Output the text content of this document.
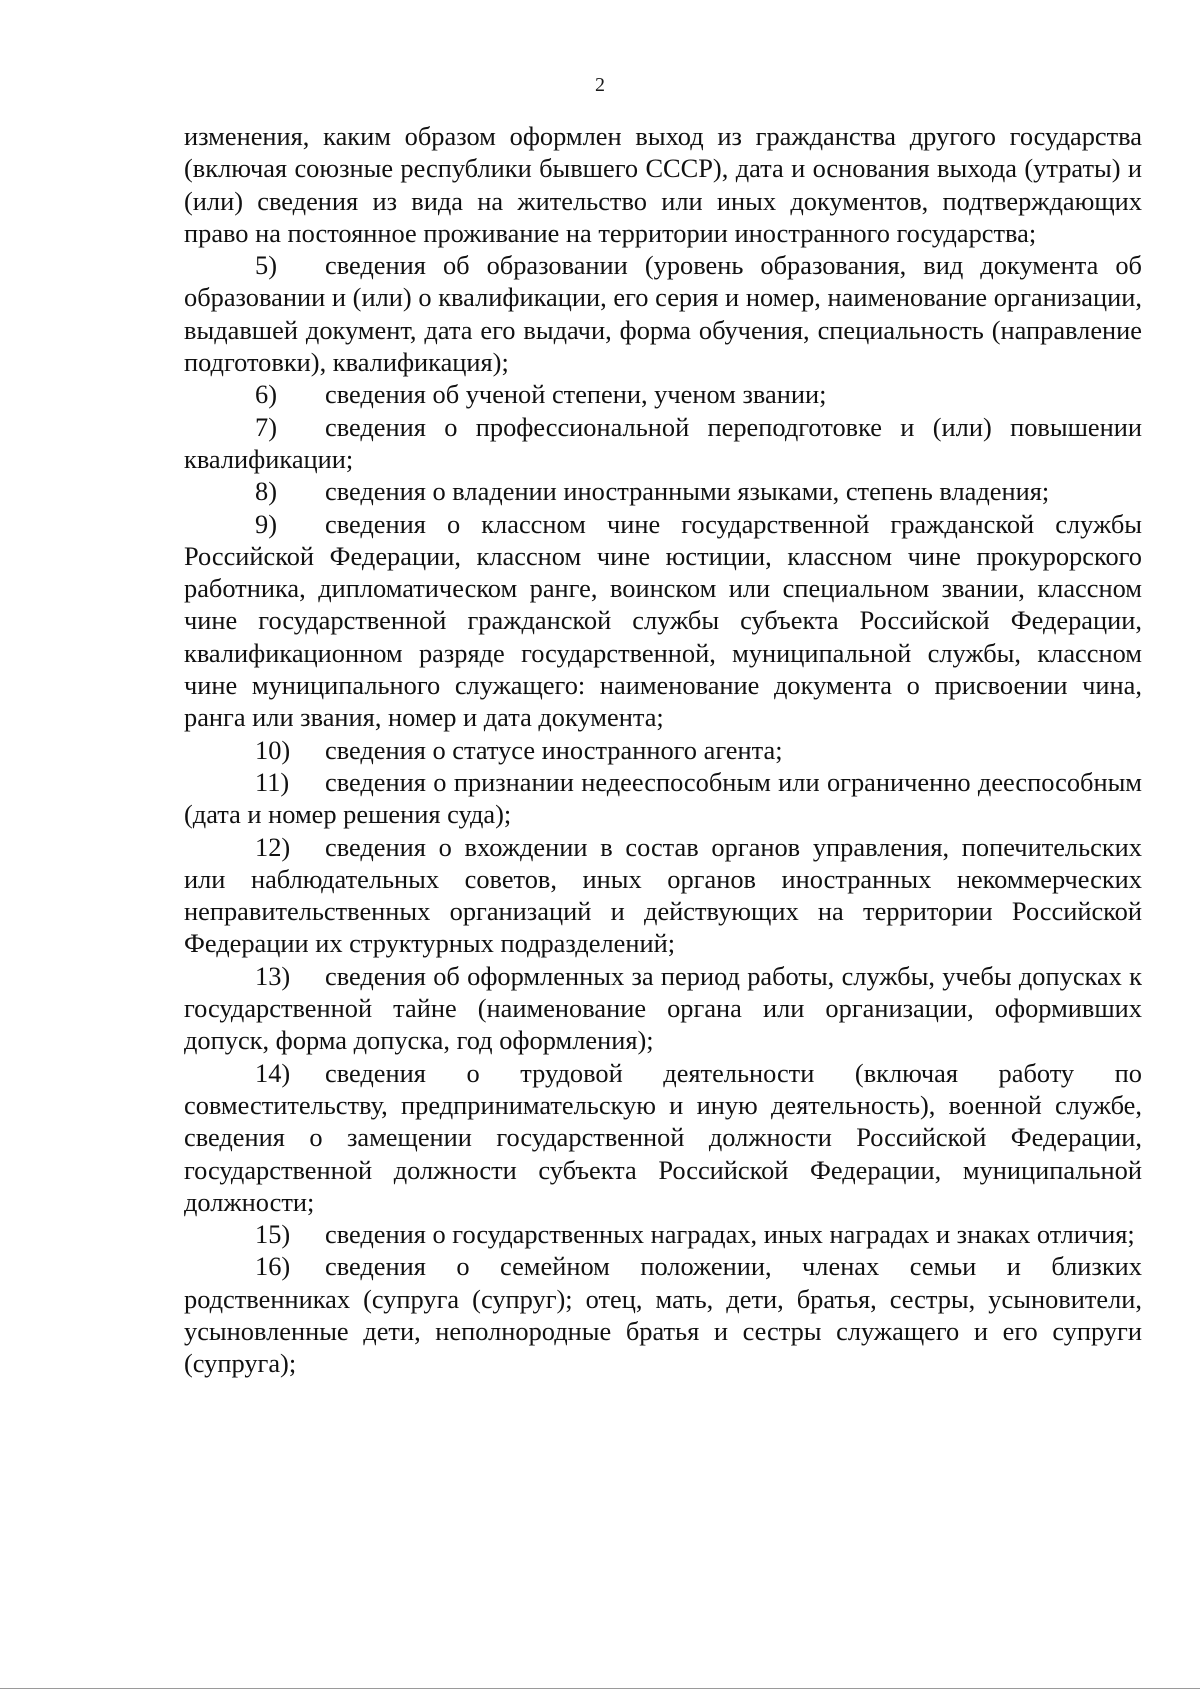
2

изменения, каким образом оформлен выход из гражданства другого государства (включая союзные республики бывшего СССР), дата и основания выхода (утраты) и (или) сведения из вида на жительство или иных документов, подтверждающих право на постоянное проживание на территории иностранного государства;

5) сведения об образовании (уровень образования, вид документа об образовании и (или) о квалификации, его серия и номер, наименование организации, выдавшей документ, дата его выдачи, форма обучения, специальность (направление подготовки), квалификация);

6) сведения об ученой степени, ученом звании;

7) сведения о профессиональной переподготовке и (или) повышении квалификации;

8) сведения о владении иностранными языками, степень владения;

9) сведения о классном чине государственной гражданской службы Российской Федерации, классном чине юстиции, классном чине прокурорского работника, дипломатическом ранге, воинском или специальном звании, классном чине государственной гражданской службы субъекта Российской Федерации, квалификационном разряде государственной, муниципальной службы, классном чине муниципального служащего: наименование документа о присвоении чина, ранга или звания, номер и дата документа;

10) сведения о статусе иностранного агента;

11) сведения о признании недееспособным или ограниченно дееспособным (дата и номер решения суда);

12) сведения о вхождении в состав органов управления, попечительских или наблюдательных советов, иных органов иностранных некоммерческих неправительственных организаций и действующих на территории Российской Федерации их структурных подразделений;

13) сведения об оформленных за период работы, службы, учебы допусках к государственной тайне (наименование органа или организации, оформивших допуск, форма допуска, год оформления);

14) сведения о трудовой деятельности (включая работу по совместительству, предпринимательскую и иную деятельность), военной службе, сведения о замещении государственной должности Российской Федерации, государственной должности субъекта Российской Федерации, муниципальной должности;

15) сведения о государственных наградах, иных наградах и знаках отличия;

16) сведения о семейном положении, членах семьи и близких родственниках (супруга (супруг); отец, мать, дети, братья, сестры, усыновители, усыновленные дети, неполнородные братья и сестры служащего и его супруги (супруга);
